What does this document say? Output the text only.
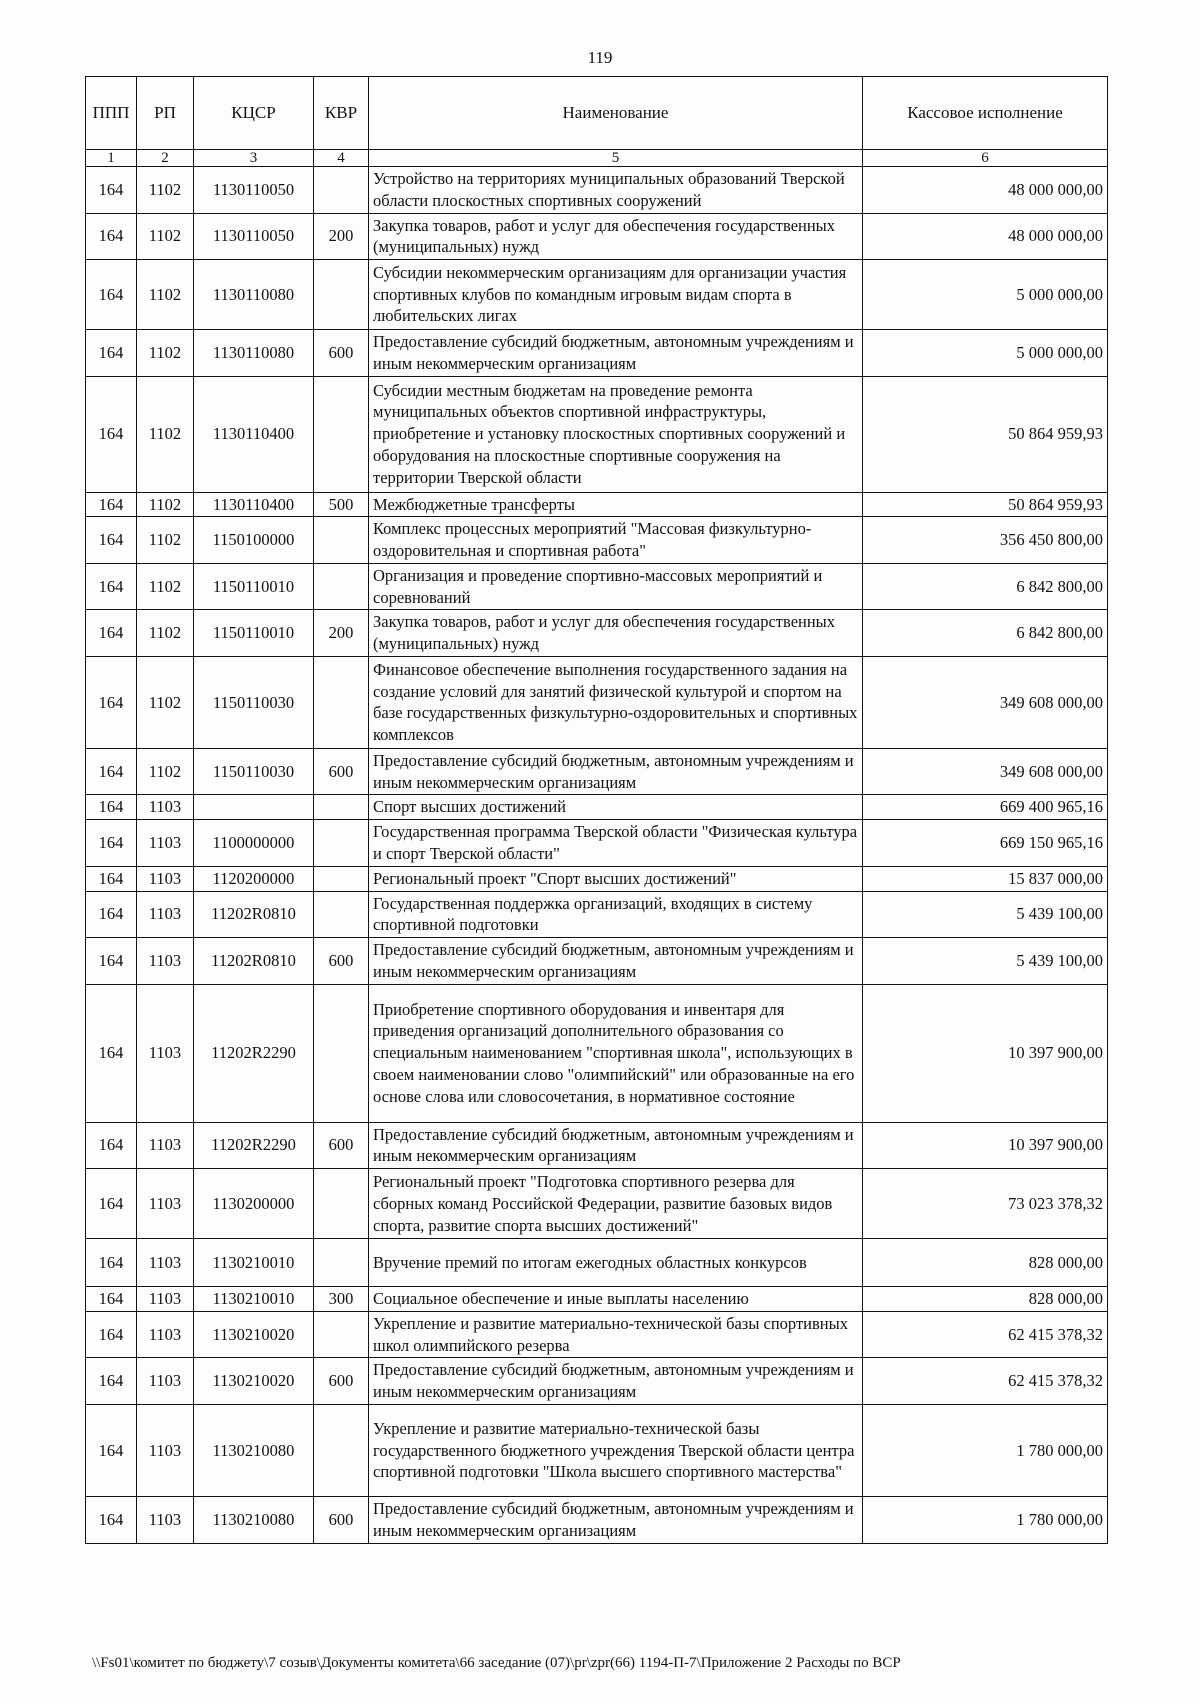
119
ППП	РП	КЦСР	КВР	Наименование	Кассовое исполнение
1	2	3	4	5	6
164	1102	1130110050		Устройство на территориях муниципальных образований Тверской области плоскостных спортивных сооружений	48 000 000,00
164	1102	1130110050	200	Закупка товаров, работ и услуг для обеспечения государственных (муниципальных) нужд	48 000 000,00
164	1102	1130110080		Субсидии некоммерческим организациям для организации участия спортивных клубов по командным игровым видам спорта в любительских лигах	5 000 000,00
164	1102	1130110080	600	Предоставление субсидий бюджетным, автономным учреждениям и иным некоммерческим организациям	5 000 000,00
164	1102	1130110400		Субсидии местным бюджетам на проведение ремонта муниципальных объектов спортивной инфраструктуры, приобретение и установку плоскостных спортивных сооружений и оборудования на плоскостные спортивные сооружения на территории Тверской области	50 864 959,93
164	1102	1130110400	500	Межбюджетные трансферты	50 864 959,93
164	1102	1150100000		Комплекс процессных мероприятий "Массовая физкультурно-оздоровительная и спортивная работа"	356 450 800,00
164	1102	1150110010		Организация и проведение спортивно-массовых мероприятий и соревнований	6 842 800,00
164	1102	1150110010	200	Закупка товаров, работ и услуг для обеспечения государственных (муниципальных) нужд	6 842 800,00
164	1102	1150110030		Финансовое обеспечение выполнения государственного задания на создание условий для занятий физической культурой и спортом на базе государственных физкультурно-оздоровительных и спортивных комплексов	349 608 000,00
164	1102	1150110030	600	Предоставление субсидий бюджетным, автономным учреждениям и иным некоммерческим организациям	349 608 000,00
164	1103			Спорт высших достижений	669 400 965,16
164	1103	1100000000		Государственная программа Тверской области "Физическая культура и спорт Тверской области"	669 150 965,16
164	1103	1120200000		Региональный проект "Спорт высших достижений"	15 837 000,00
164	1103	11202R0810		Государственная поддержка организаций, входящих в систему спортивной подготовки	5 439 100,00
164	1103	11202R0810	600	Предоставление субсидий бюджетным, автономным учреждениям и иным некоммерческим организациям	5 439 100,00
164	1103	11202R2290		Приобретение спортивного оборудования и инвентаря для приведения организаций дополнительного образования со специальным наименованием "спортивная школа", использующих в своем наименовании слово "олимпийский" или образованные на его основе слова или словосочетания, в нормативное состояние	10 397 900,00
164	1103	11202R2290	600	Предоставление субсидий бюджетным, автономным учреждениям и иным некоммерческим организациям	10 397 900,00
164	1103	1130200000		Региональный проект "Подготовка спортивного резерва для сборных команд Российской Федерации, развитие базовых видов спорта, развитие спорта высших достижений"	73 023 378,32
164	1103	1130210010		Вручение премий по итогам ежегодных областных конкурсов	828 000,00
164	1103	1130210010	300	Социальное обеспечение и иные выплаты населению	828 000,00
164	1103	1130210020		Укрепление и развитие материально-технической базы спортивных школ олимпийского резерва	62 415 378,32
164	1103	1130210020	600	Предоставление субсидий бюджетным, автономным учреждениям и иным некоммерческим организациям	62 415 378,32
164	1103	1130210080		Укрепление и развитие материально-технической базы государственного бюджетного учреждения Тверской области центра спортивной подготовки "Школа высшего спортивного мастерства"	1 780 000,00
164	1103	1130210080	600	Предоставление субсидий бюджетным, автономным учреждениям и иным некоммерческим организациям	1 780 000,00
\\Fs01\комитет по бюджету\7 созыв\Документы комитета\66 заседание (07)\pr\zpr(66) 1194-П-7\Приложение 2 Расходы по ВСР
